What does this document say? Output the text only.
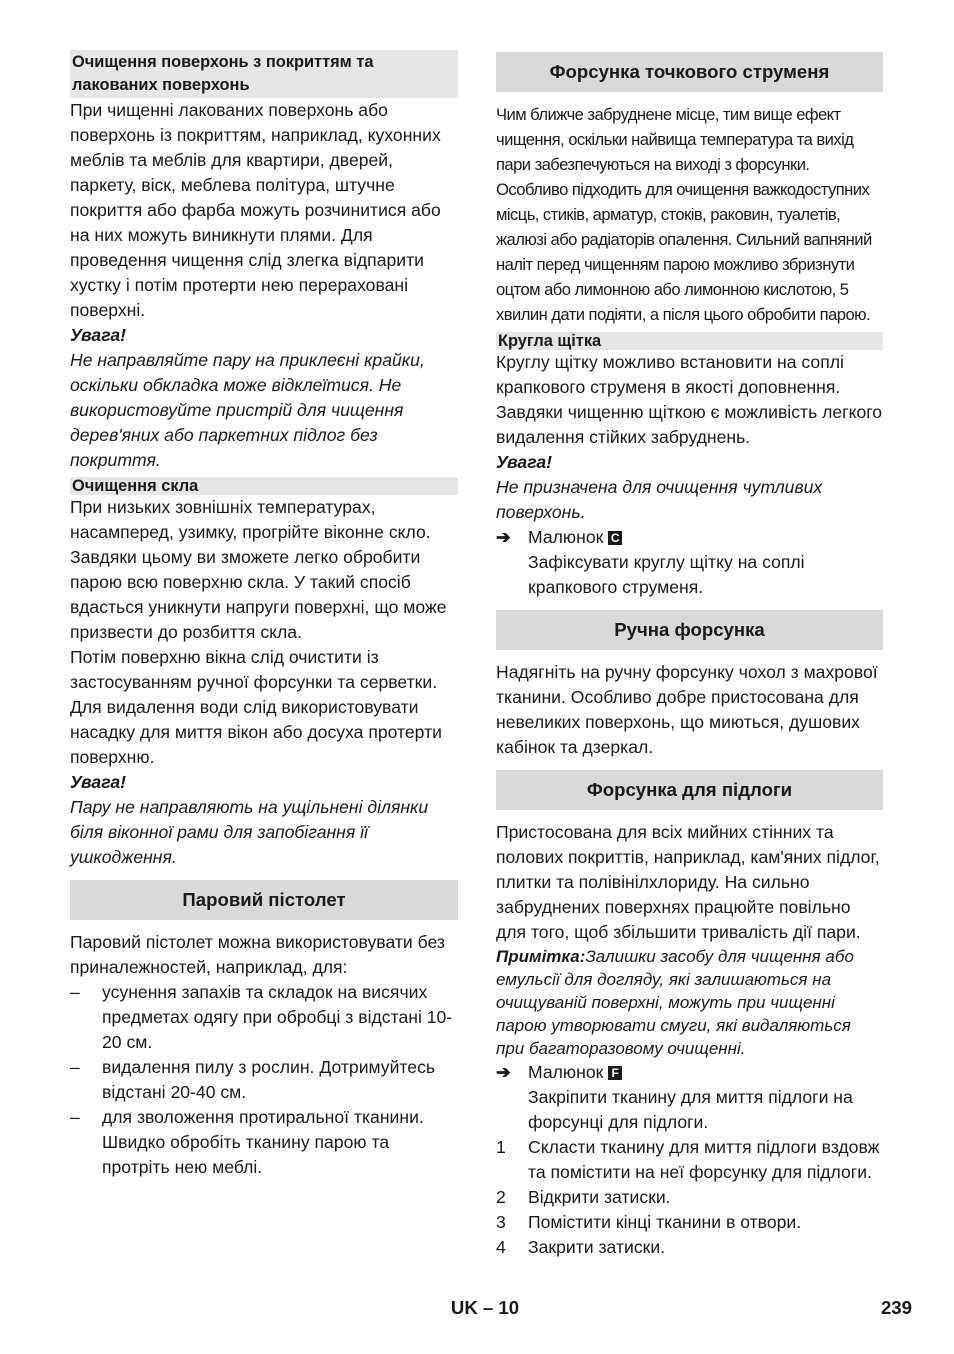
Очищення поверхонь з покриттям та лакованих поверхонь

При чищенні лакованих поверхонь або поверхонь із покриттям, наприклад, кухонних меблів та меблів для квартири, дверей, паркету, віск, меблева політура, штучне покриття або фарба можуть розчинитися або на них можуть виникнути плями. Для проведення чищення слід злегка відпарити хустку і потім протерти нею перераховані поверхні.

Увага!

Не направляйте пару на приклеєні крайки, оскільки обкладка може відклеїтися. Не використовуйте пристрій для чищення дерев'яних або паркетних підлог без покриття.

Очищення скла

При низьких зовнішніх температурах, насамперед, узимку, прогрійте віконне скло. Завдяки цьому ви зможете легко обробити парою всю поверхню скла. У такий спосіб вдасться уникнути напруги поверхні, що може призвести до розбиття скла.

Потім поверхню вікна слід очистити із застосуванням ручної форсунки та серветки. Для видалення води слід використовувати насадку для миття вікон або досуха протерти поверхню.

Увага!

Пару не направляють на ущільнені ділянки біля віконної рами для запобігання її ушкодження.

Паровий пістолет

Паровий пістолет можна використовувати без приналежностей, наприклад, для:

–	усунення запахів та складок на висячих предметах одягу при обробці з відстані 10-20 см.
–	видалення пилу з рослин. Дотримуйтесь відстані 20-40 см.
–	для зволоження протиральної тканини. Швидко обробіть тканину парою та протріть нею меблі.
Форсунка точкового струменя

Чим ближче забруднене місце, тим вище ефект чищення, оскільки найвища температура та вихід пари забезпечуються на виході з форсунки. Особливо підходить для очищення важкодоступних місць, стиків, арматур, стоків, раковин, туалетів, жалюзі або радіаторів опалення. Сильний вапняний наліт перед чищенням парою можливо збризнути оцтом або лимонною або лимонною кислотою, 5 хвилин дати подіяти, а після цього обробити парою.

Кругла щітка

Круглу щітку можливо встановити на соплі крапкового струменя в якості доповнення. Завдяки чищенню щіткою є можливість легкого видалення стійких забруднень.

Увага!

Не призначена для очищення чутливих поверхонь.

➔ Малюнок C
Зафіксувати круглу щітку на соплі крапкового струменя.
Ручна форсунка

Надягніть на ручну форсунку чохол з махрової тканини. Особливо добре пристосована для невеликих поверхонь, що миються, душових кабінок та дзеркал.

Форсунка для підлоги

Пристосована для всіх мийних стінних та полових покриттів, наприклад, кам'яних підлог, плитки та полівінілхлориду. На сильно забруднених поверхнях працюйте повільно для того, щоб збільшити тривалість дії пари.

Примітка:Залишки засобу для чищення або емульсії для догляду, які залишаються на очищуваній поверхні, можуть при чищенні парою утворювати смуги, які видаляються при багаторазовому очищенні.

➔ Малюнок F
Закріпити тканину для миття підлоги на форсунці для підлоги.
1	Скласти тканину для миття підлоги вздовж та помістити на неї форсунку для підлоги.
2	Відкрити затиски.
3	Помістити кінці тканини в отвори.
4	Закрити затиски.
UK – 10	239
